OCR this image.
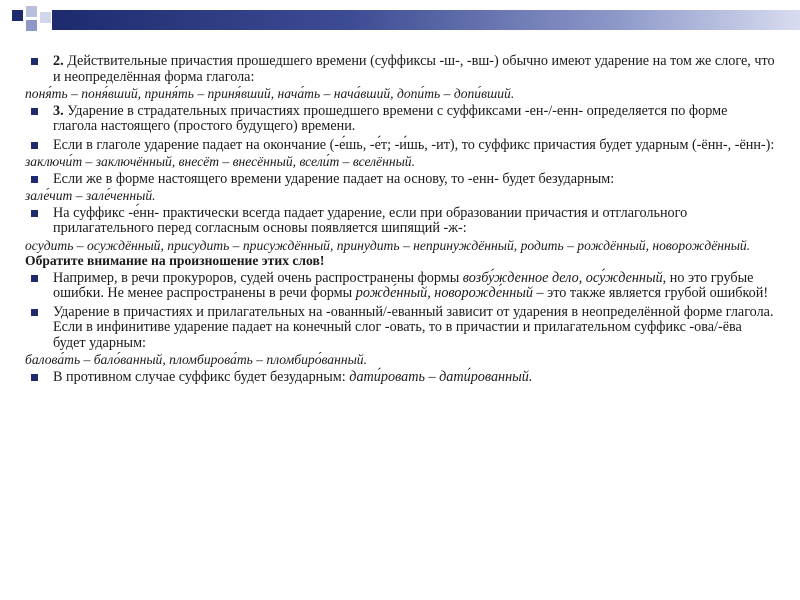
2. Действительные причастия прошедшего времени (суффиксы -ш-, -вш-) обычно имеют ударение на том же слоге, что и неопределённая форма глагола:

поня́ть – поня́вший, приня́ть – приня́вший, нача́ть – нача́вший, допи́ть – допи́вший.

3. Ударение в страдательных причастиях прошедшего времени с суффиксами -ен-/-енн- определяется по форме глагола настоящего (простого будущего) времени.

Если в глаголе ударение падает на окончание (-е́шь, -е́т; -и́шь, -ит), то суффикс причастия будет ударным (-ённ-, -ённ-):

заключи́т – заключённый, внесёт – внесённый, всели́т – вселённый.

Если же в форме настоящего времени ударение падает на основу, то -енн- будет безударным:

зале́чит – зале́ченный.

На суффикс -е́нн- практически всегда падает ударение, если при образовании причастия и отглагольного прилагательного перед согласным основы появляется шипящий -ж-:

осудить – осуждённый, присудить – присуждённый, принудить – непринуждённый, родить – рождённый, новорождённый. Обратите внимание на произношение этих слов!

Например, в речи прокуроров, судей очень распространены формы возбу́жденное дело, осу́жденный, но это грубые ошибки. Не менее распространены в речи формы рожде́нный, новорожде́нный – это также является грубой ошибкой!

Ударение в причастиях и прилагательных на -ованный/-еванный зависит от ударения в неопределённой форме глагола. Если в инфинитиве ударение падает на конечный слог -овать, то в причастии и прилагательном суффикс -ова/-ёва будет ударным:

балова́ть – бало́ванный, пломбирова́ть – пломбиро́ванный.

В противном случае суффикс будет безударным: дати́ровать – дати́рованный.
